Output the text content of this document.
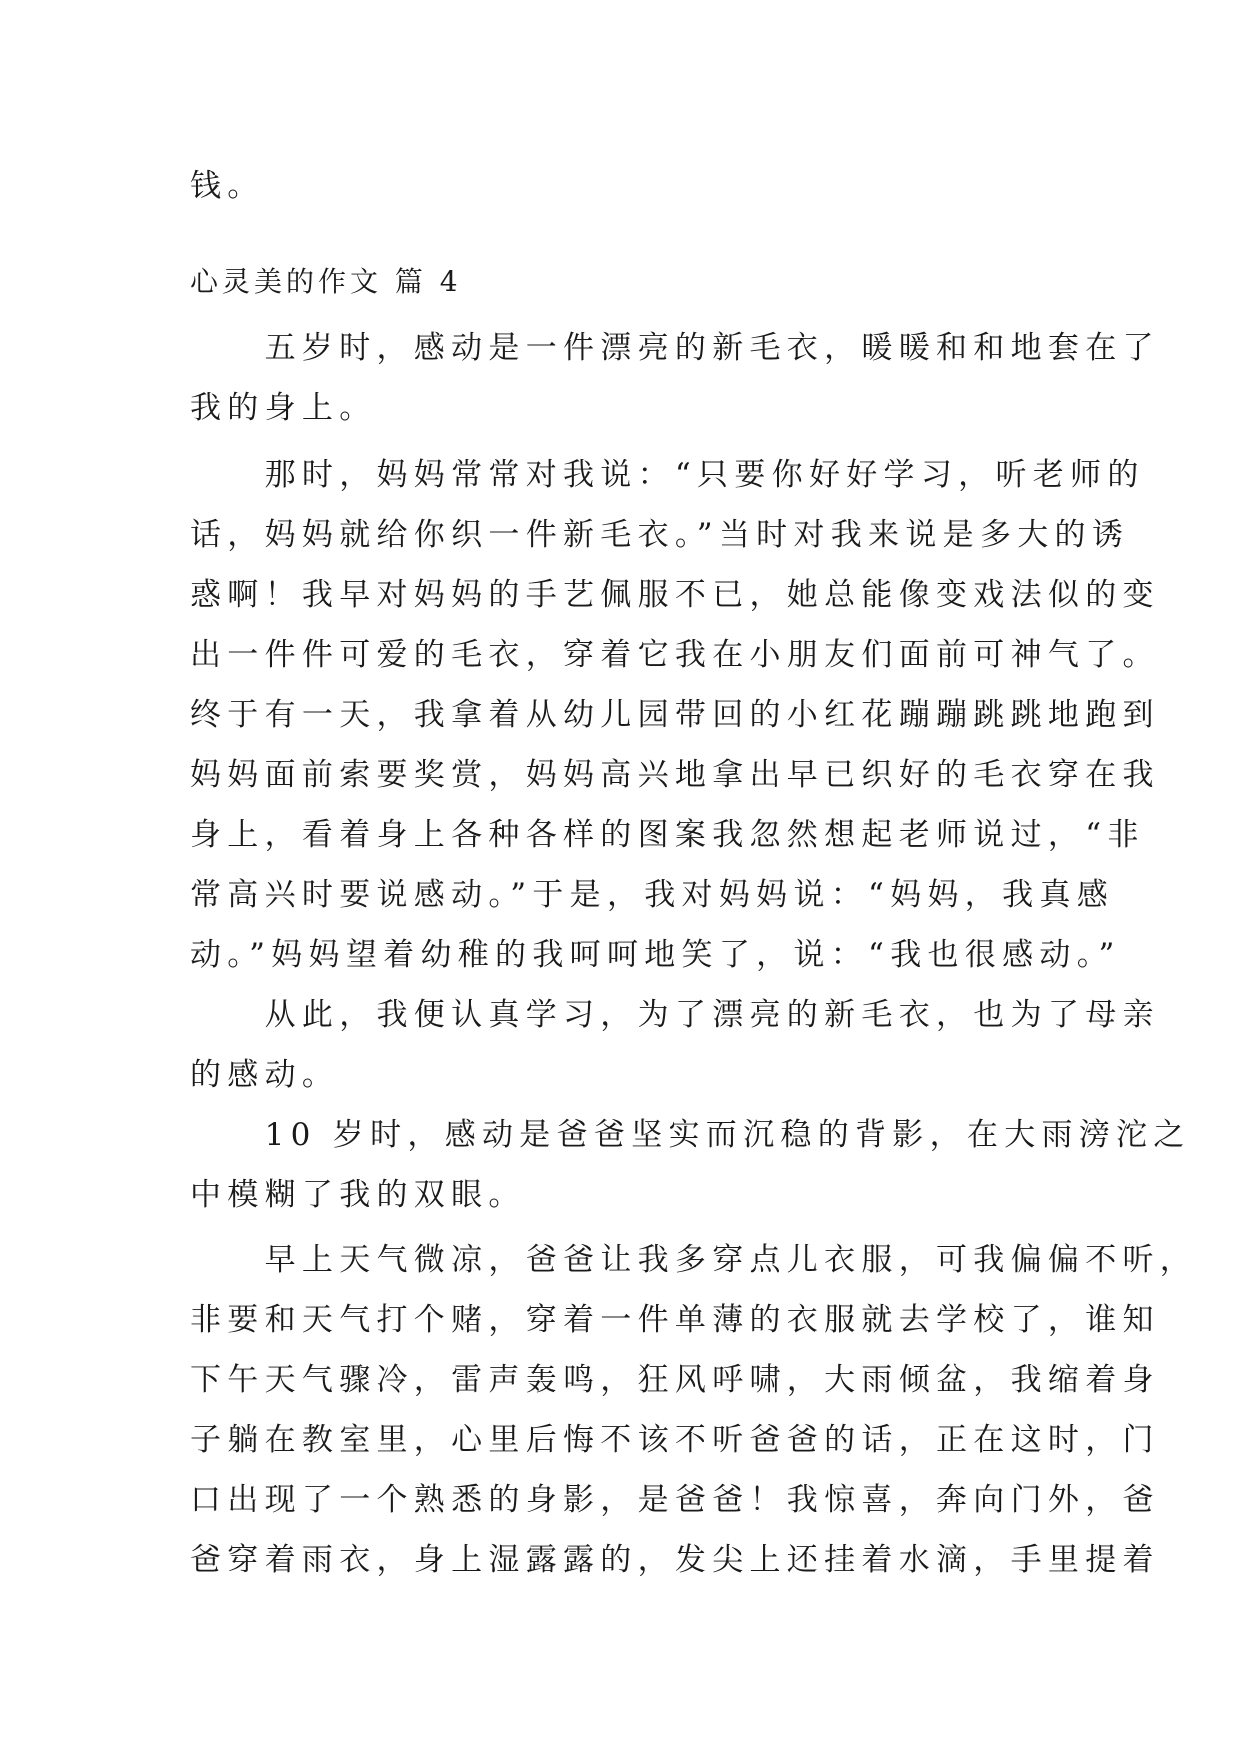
钱。

心灵美的作文 篇 4

　　五岁时，感动是一件漂亮的新毛衣，暖暖和和地套在了

我的身上。

　　那时，妈妈常常对我说：“只要你好好学习，听老师的

话，妈妈就给你织一件新毛衣。”当时对我来说是多大的诱

惑啊！我早对妈妈的手艺佩服不已，她总能像变戏法似的变

出一件件可爱的毛衣，穿着它我在小朋友们面前可神气了。

终于有一天，我拿着从幼儿园带回的小红花蹦蹦跳跳地跑到

妈妈面前索要奖赏，妈妈高兴地拿出早已织好的毛衣穿在我

身上，看着身上各种各样的图案我忽然想起老师说过，“非

常高兴时要说感动。”于是，我对妈妈说：“妈妈，我真感

动。”妈妈望着幼稚的我呵呵地笑了，说：“我也很感动。”

　　从此，我便认真学习，为了漂亮的新毛衣，也为了母亲

的感动。

　　10 岁时，感动是爸爸坚实而沉稳的背影，在大雨滂沱之

中模糊了我的双眼。

　　早上天气微凉，爸爸让我多穿点儿衣服，可我偏偏不听，

非要和天气打个赌，穿着一件单薄的衣服就去学校了，谁知

下午天气骤冷，雷声轰鸣，狂风呼啸，大雨倾盆，我缩着身

子躺在教室里，心里后悔不该不听爸爸的话，正在这时，门

口出现了一个熟悉的身影，是爸爸！我惊喜，奔向门外，爸

爸穿着雨衣，身上湿露露的，发尖上还挂着水滴，手里提着
